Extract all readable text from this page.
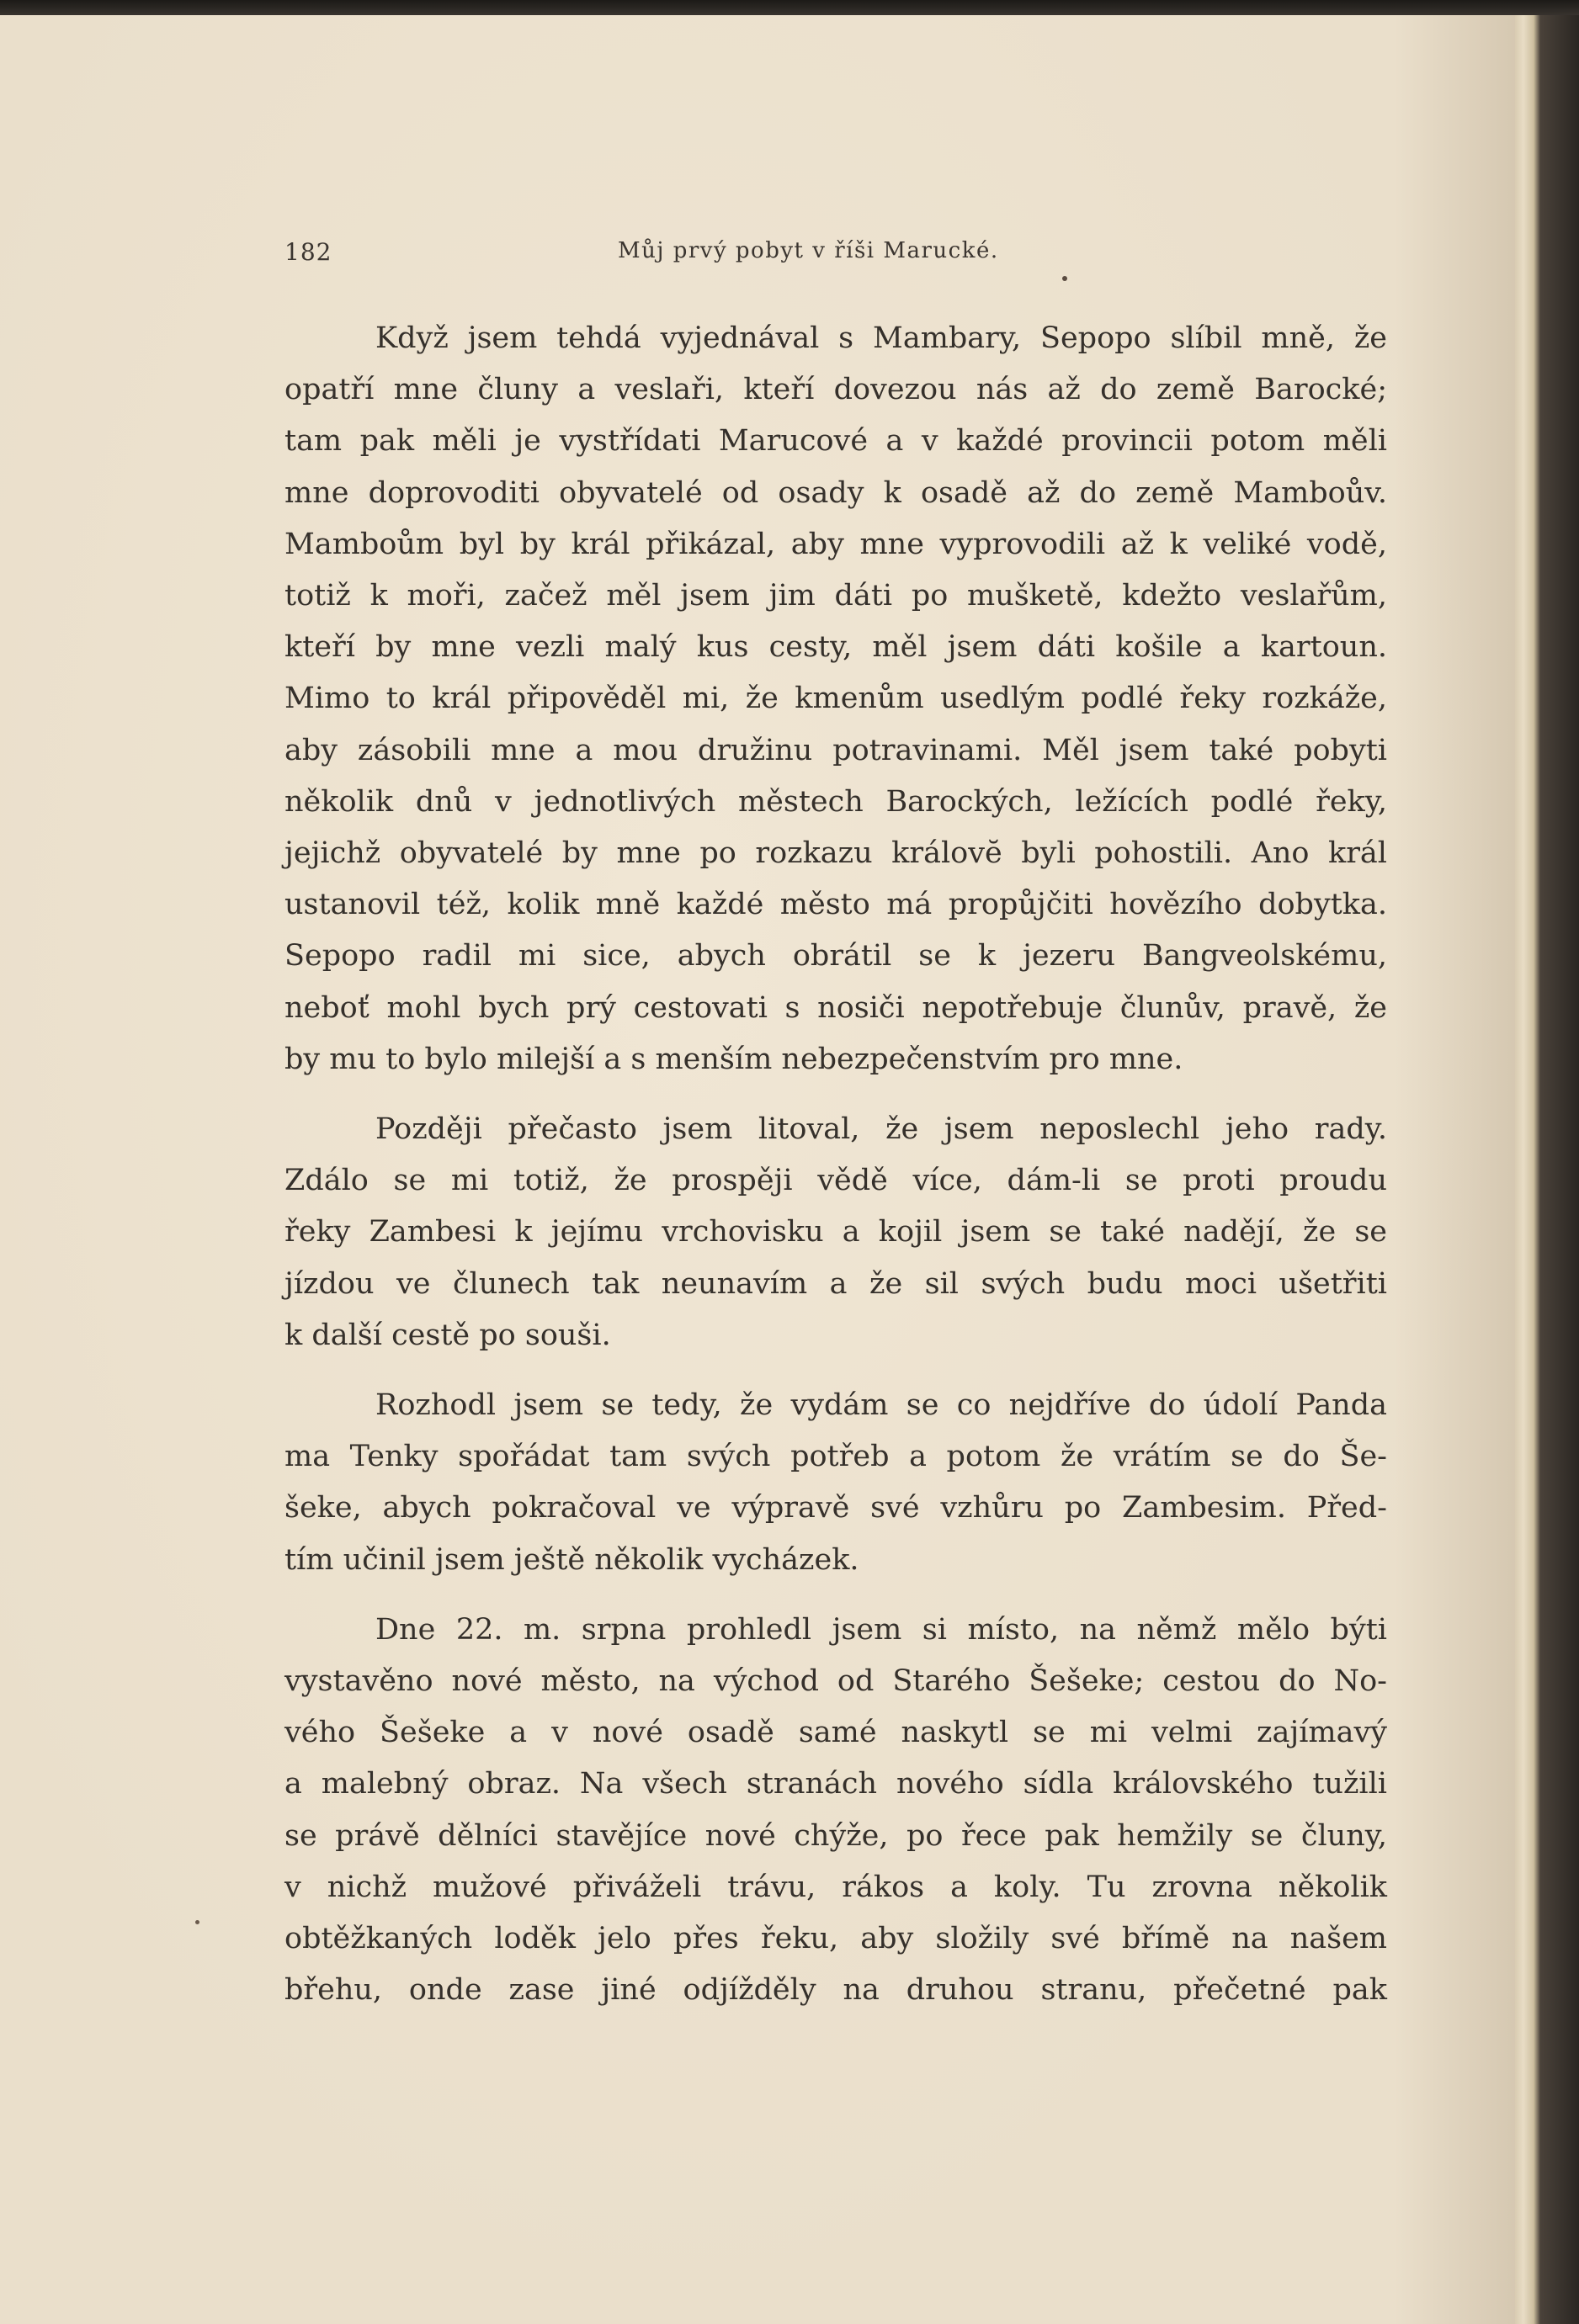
182	Můj prvý pobyt v říši Marucké.
Když jsem tehdá vyjednával s Mambary, Sepopo slíbil mně, že
opatří mne čluny a veslaři, kteří dovezou nás až do země Barocké;
tam pak měli je vystřídati Marucové a v každé provincii potom měli
mne doprovoditi obyvatelé od osady k osadě až do země Mamboův.
Mamboům byl by král přikázal, aby mne vyprovodili až k veliké vodě,
totiž k moři, začež měl jsem jim dáti po mušketě, kdežto veslařům,
kteří by mne vezli malý kus cesty, měl jsem dáti košile a kartoun.
Mimo to král připověděl mi, že kmenům usedlým podlé řeky rozkáže,
aby zásobili mne a mou družinu potravinami. Měl jsem také pobyti
několik dnů v jednotlivých městech Barockých, ležících podlé řeky,
jejichž obyvatelé by mne po rozkazu královĕ byli pohostili. Ano král
ustanovil též, kolik mně každé město má propůjčiti hovězího dobytka.
Sepopo radil mi sice, abych obrátil se k jezeru Bangveolskému,
neboť mohl bych prý cestovati s nosiči nepotřebuje člunův, pravě, že
by mu to bylo milejší a s menším nebezpečenstvím pro mne.
Později přečasto jsem litoval, že jsem neposlechl jeho rady.
Zdálo se mi totiž, že prospěji vědě více, dám-li se proti proudu
řeky Zambesi k jejímu vrchovisku a kojil jsem se také nadějí, že se
jízdou ve člunech tak neunavím a že sil svých budu moci ušetřiti
k další cestě po souši.
Rozhodl jsem se tedy, že vydám se co nejdříve do údolí Panda
ma Tenky spořádat tam svých potřeb a potom že vrátím se do Še-
šeke, abych pokračoval ve výpravě své vzhůru po Zambesim. Před-
tím učinil jsem ještě několik vycházek.
Dne 22. m. srpna prohledl jsem si místo, na němž mělo býti
vystavěno nové město, na východ od Starého Šešeke; cestou do No-
vého Šešeke a v nové osadě samé naskytl se mi velmi zajímavý
a malebný obraz. Na všech stranách nového sídla královského tužili
se právě dělníci stavějíce nové chýže, po řece pak hemžily se čluny,
v nichž mužové přiváželi trávu, rákos a koly. Tu zrovna několik
obtěžkaných loděk jelo přes řeku, aby složily své břímě na našem
břehu, onde zase jiné odjížděly na druhou stranu, přečetné pak
